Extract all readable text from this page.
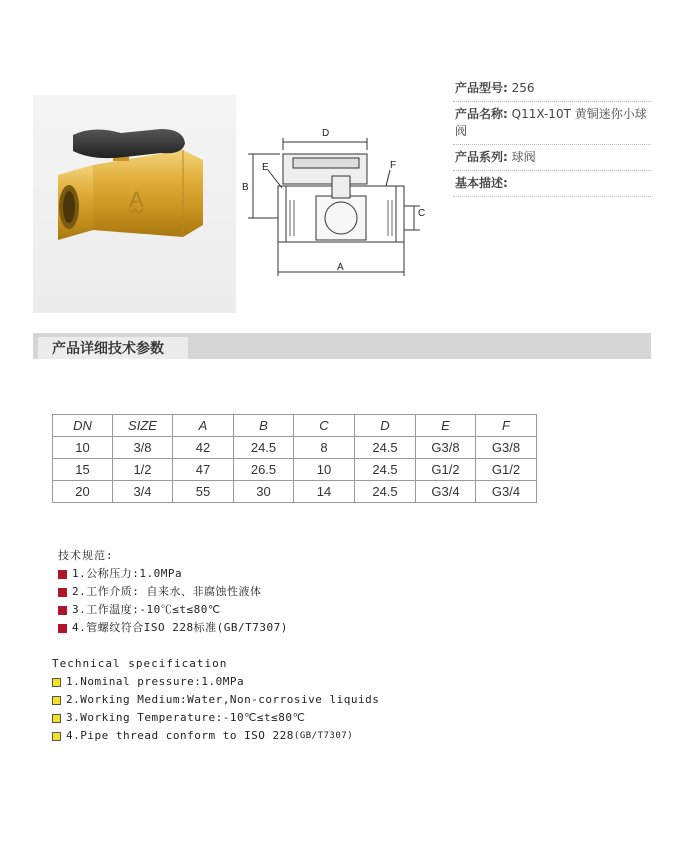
A
D
B
E	F
C
A
产品型号: 256
产品名称: Q11X-10T 黄铜迷你小球阀
产品系列: 球阀
基本描述:
产品详细技术参数
DN	SIZE	A	B	C	D	E	F
10	3/8	42	24.5	8	24.5	G3/8	G3/8
15	1/2	47	26.5	10	24.5	G1/2	G1/2
20	3/4	55	30	14	24.5	G3/4	G3/4
技术规范:
1.公称压力:1.0MPa
2.工作介质: 自来水、非腐蚀性液体
3.工作温度:-10℃≤t≤80℃
4.管螺纹符合ISO 228标准(GB/T7307)
Technical specification
1.Nominal pressure:1.0MPa
2.Working Medium:Water,Non-corrosive liquids
3.Working Temperature:-10℃≤t≤80℃
4.Pipe thread conform to ISO 228 (GB/T7307)
